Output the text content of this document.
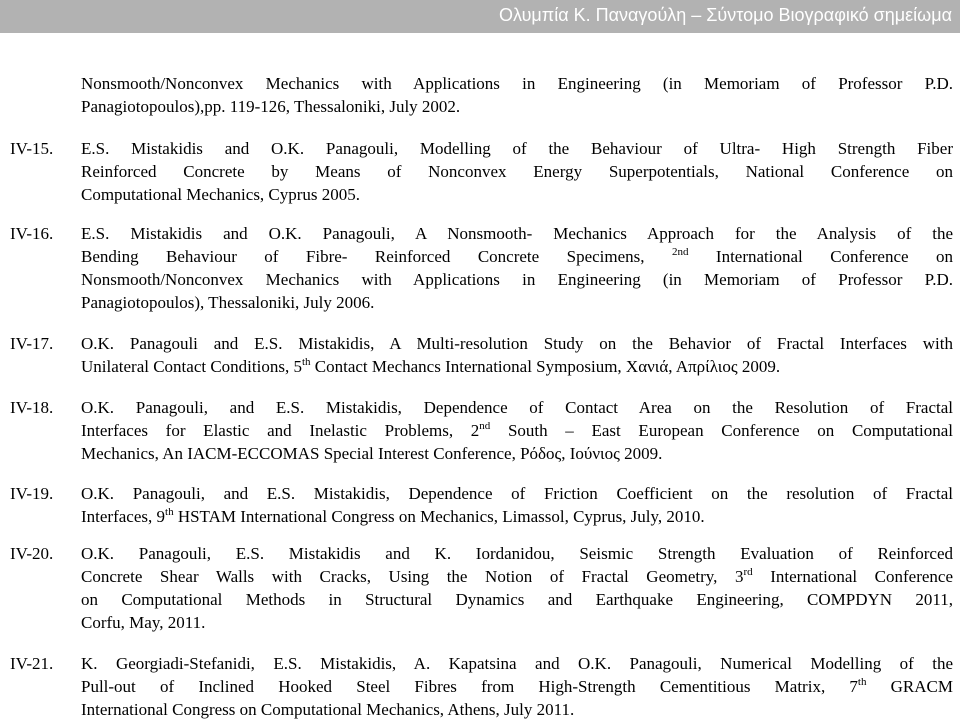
Ολυμπία Κ. Παναγούλη – Σύντομο Βιογραφικό σημείωμα
Nonsmooth/Nonconvex Mechanics with Applications in Engineering (in Memoriam of Professor P.D.
Panagiotopoulos),pp. 119-126, Thessaloniki, July 2002.
IV-15. E.S. Mistakidis and O.K. Panagouli, Modelling of the Behaviour of Ultra- High Strength Fiber
Reinforced Concrete by Means of Nonconvex Energy Superpotentials, National Conference on
Computational Mechanics, Cyprus 2005.
IV-16. E.S. Mistakidis and O.K. Panagouli, A Nonsmooth- Mechanics Approach for the Analysis of the
Bending Behaviour of Fibre- Reinforced Concrete Specimens, $^{2nd}$ International Conference on
Nonsmooth/Nonconvex Mechanics with Applications in Engineering (in Memoriam of Professor P.D.
Panagiotopoulos), Thessaloniki, July 2006.
IV-17. O.K. Panagouli and E.S. Mistakidis, A Multi-resolution Study on the Behavior of Fractal Interfaces with
Unilateral Contact Conditions, 5th Contact Mechancs International Symposium, Χανιά, Απρίλιος 2009.
IV-18. O.K. Panagouli, and E.S. Mistakidis, Dependence of Contact Area on the Resolution of Fractal
Interfaces for Elastic and Inelastic Problems, 2nd South – East European Conference on Computational
Mechanics, An IACM-ECCOMAS Special Interest Conference, Ρόδος, Ιούνιος 2009.
IV-19. O.K. Panagouli, and E.S. Mistakidis, Dependence of Friction Coefficient on the resolution of Fractal
Interfaces, 9th HSTAM International Congress on Mechanics, Limassol, Cyprus, July, 2010.
IV-20. O.K. Panagouli, E.S. Mistakidis and K. Iordanidou, Seismic Strength Evaluation of Reinforced
Concrete Shear Walls with Cracks, Using the Notion of Fractal Geometry, 3rd International Conference
on Computational Methods in Structural Dynamics and Earthquake Engineering, COMPDYN 2011,
Corfu, May, 2011.
IV-21. K. Georgiadi-Stefanidi, E.S. Mistakidis, A. Kapatsina and O.K. Panagouli, Numerical Modelling of the
Pull-out of Inclined Hooked Steel Fibres from High-Strength Cementitious Matrix, 7th GRACM
International Congress on Computational Mechanics, Athens, July 2011.
